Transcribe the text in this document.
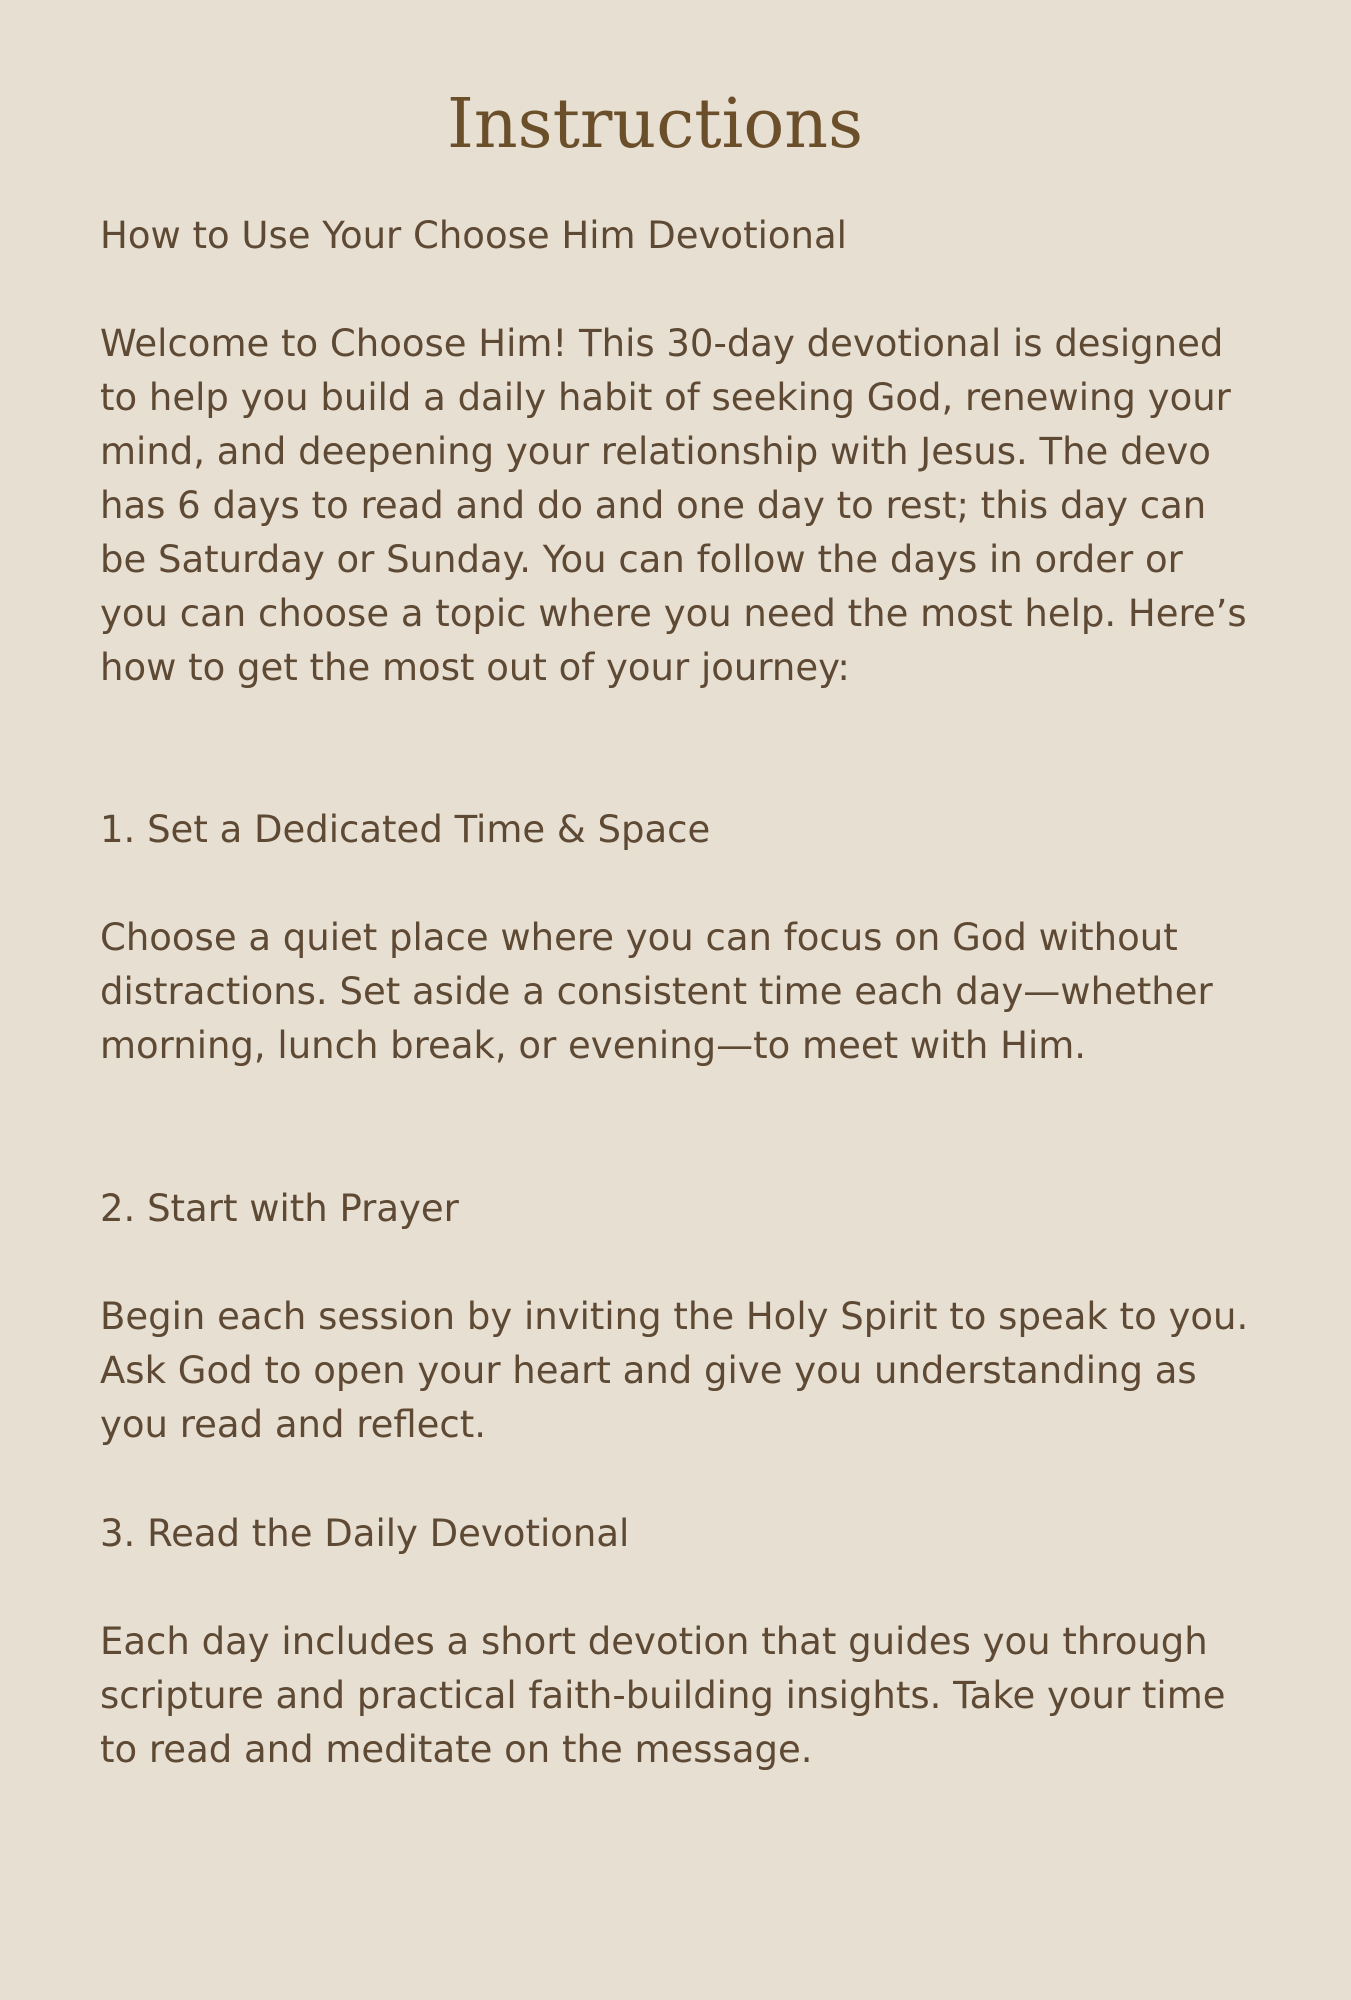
Instructions

How to Use Your Choose Him Devotional

Welcome to Choose Him! This 30-day devotional is designed to help you build a daily habit of seeking God, renewing your mind, and deepening your relationship with Jesus. The devo has 6 days to read and do and one day to rest; this day can be Saturday or Sunday. You can follow the days in order or you can choose a topic where you need the most help. Here’s how to get the most out of your journey:

1. Set a Dedicated Time & Space

Choose a quiet place where you can focus on God without distractions. Set aside a consistent time each day—whether morning, lunch break, or evening—to meet with Him.

2. Start with Prayer

Begin each session by inviting the Holy Spirit to speak to you. Ask God to open your heart and give you understanding as you read and reflect.

3. Read the Daily Devotional

Each day includes a short devotion that guides you through scripture and practical faith-building insights. Take your time to read and meditate on the message.
